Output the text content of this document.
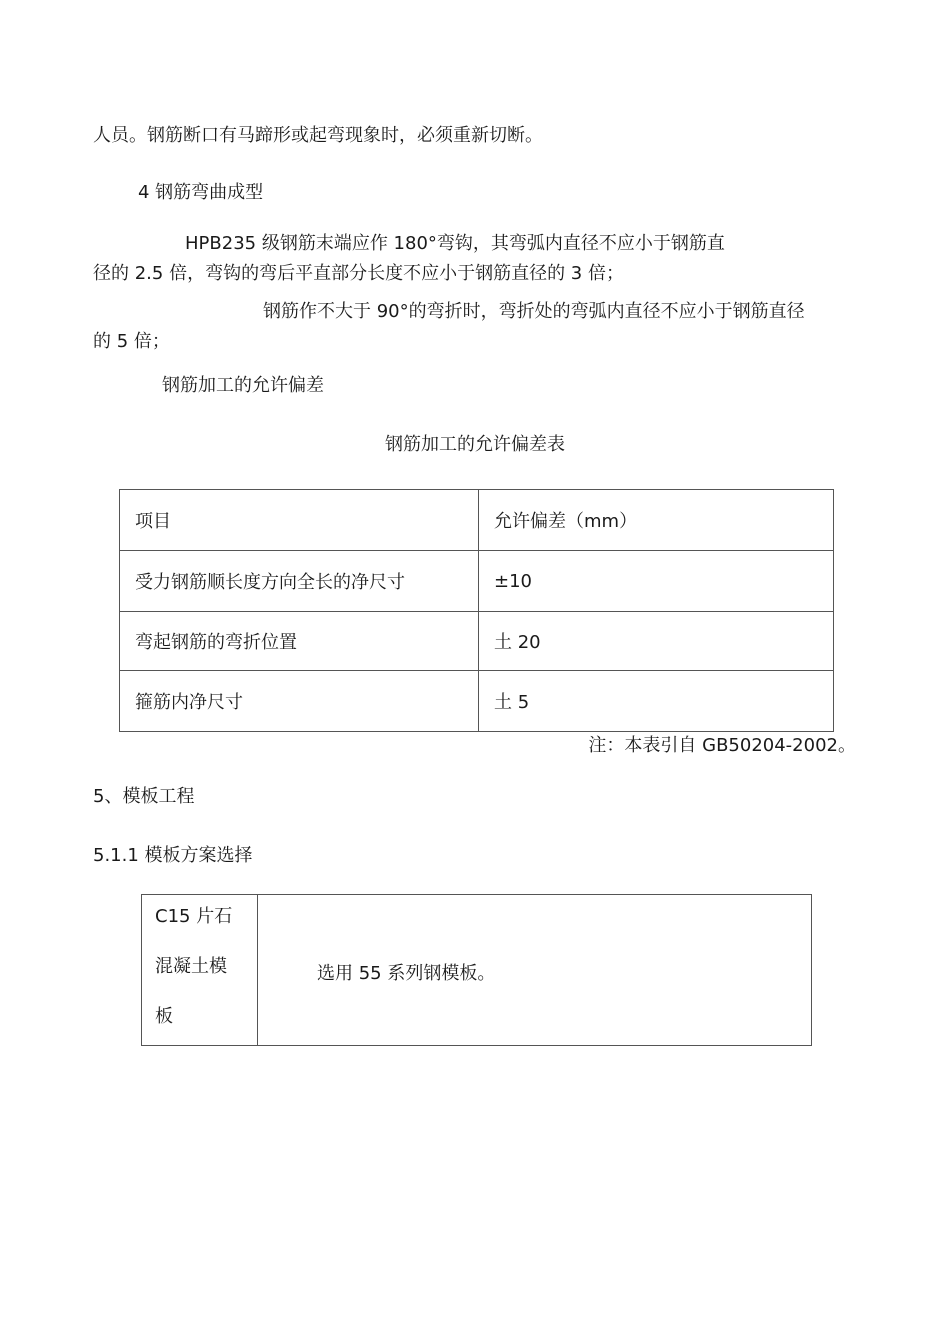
人员。钢筋断口有马蹄形或起弯现象时，必须重新切断。
4 钢筋弯曲成型
HPB235 级钢筋末端应作 180°弯钩，其弯弧内直径不应小于钢筋直
径的 2.5 倍，弯钩的弯后平直部分长度不应小于钢筋直径的 3 倍；
钢筋作不大于 90°的弯折时，弯折处的弯弧内直径不应小于钢筋直径
的 5 倍；
钢筋加工的允许偏差
钢筋加工的允许偏差表
项目	允许偏差（mm）
受力钢筋顺长度方向全长的净尺寸	±10
弯起钢筋的弯折位置	土 20
箍筋内净尺寸	土 5
注：本表引自 GB50204-2002。
5、模板工程
5.1.1 模板方案选择
C15 片石
混凝土模
板
	选用 55 系列钢模板。
